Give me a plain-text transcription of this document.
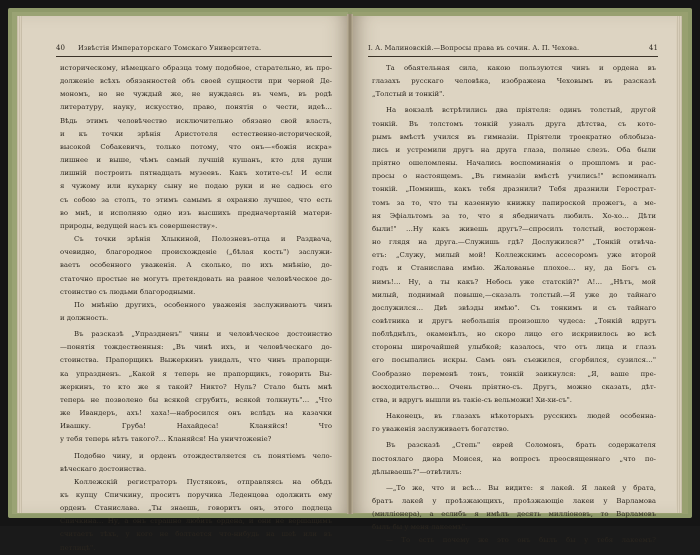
40 Извѣстія Императорскаго Томскаго Университета.	I. А. Малиновскій.—Вопросы права въ сочин. А. П. Чехова.	41
историческому, нѣмецкаго образца тому подобное, старательно, въ про-
долженіе всѣхъ обязанностей объ своей сущности при черной Де-
мономъ, но не чуждый же, не нуждаясь въ чемъ, въ родѣ
литературу, науку, искусство, право, понятія о чести, идеѣ…
Вѣдь этимъ человѣчество исключительно обязано свой власть,
и къ точки зрѣнія Аристотеля естественно-исторической,
высокой Собакевичъ, только потому, что онъ—«божія искра»
лишнее и выше, чѣмъ самый лучшій кушанъ, кто для души
лишній построить пятнадцать музеевъ. Какъ хотите-съ! И если
я чужому или кухарку сыну не подаю руки и не садюсь его
съ собою за столъ, то этимъ самымъ я охраняю лучшее, что есть
во мнѣ, и исполняю одно изъ высшихъ предначертаній матери-
природы, ведущей насъ къ совершенству».
Съ точки зрѣнія Хлыкиной, Полозневъ-отца и Раздвача,
очевидно, благородное происхожденіе („бѣлая кость") заслужи-
ваетъ особенного уваженія. А сколько, по ихъ мнѣнію, до-
статочно простые не могутъ претендовать на равное человѣческое до-
стоинство съ людьми благородными.
По мнѣнію другихъ, особенного уваженія заслуживаютъ чинъ
и должность.
Въ разсказѣ „Упраздненъ" чины и человѣческое достоинство
—понятія тождественныя: „Въ чинѣ ихъ, и человѣческаго до-
стоинства. Прапорщикъ Выжеркинъ увидалъ, что чинъ прапорщи-
ка упраздненъ. „Какой я теперь не прапорщикъ, говорить Вы-
жеркинъ, то кто же я такой? Никто? Нуль? Стало быть мнѣ
теперь не позволено бы всякой сгрубить, всякой толкнуть"… „Что
же Ивандеръ, ахъ! хаха!—набросился онъ вслѣдъ на казачки
Ивашку. Груба! Нахайдеса! Кланяйся! Что
у тебя теперь нѣтъ такого?… Кланяйся! На уничтоженіе?
Подобно чину, и орденъ отождествляется съ понятіемъ чело-
вѣческаго достоинства.
Коллежскій регистраторъ Пустяковъ, отправляясь на обѣдъ
къ купцу Спичкину, проситъ поручика Леденцова одолжить ему
орденъ Станислава. „Ты знаешь, говоритъ онъ, этого подлеца
Спичкина… Ну, а онъ страшно любить ордена, и они не вершащимъ
считаетъ тѣхъ, у кого не болтается что-нибудь на шеѣ или въ
петлицѣ".
Та обаятельная сила, какою пользуются чинъ и ордена въ
глазахъ русскаго человѣка, изображена Чеховымъ въ разсказѣ
„Толстый и тонкій".
На вокзалѣ встрѣтились два пріятеля: одинъ толстый, другой
тонкій. Въ толстомъ тонкій узналъ друга дѣтства, съ кото-
рымъ вмѣстѣ учился въ гимназіи. Пріятели троекратно облобыза-
лись и устремили другъ на друга глаза, полные слезъ. Оба были
пріятно ошеломлены. Начались воспоминанія о прошломъ и рас-
просы о настоящемъ. „Въ гимназіи вмѣстѣ учились!" вспоминалъ
тонкій. „Помнишь, какъ тебя дразнили? Тебя дразнили Герострат-
томъ за то, что ты казенную книжку папироской прожегъ, а ме-
ня Эфіальтомъ за то, что я ябедничать любилъ. Хо-хо… Дѣти
были!" …Ну какъ живешь другъ?—спросилъ толстый, восторжен-
но глядя на друга.—Служишь гдѣ? Дослужился?" „Тонкій отвѣча-
етъ: „Служу, милый мой! Коллежскимъ ассесоромъ уже второй
годъ и Станислава имѣю. Жалованье плохое… ну, да Богъ съ
нимъ!… Ну, а ты какъ? Небось уже статскій?" А!… „Нѣтъ, мой
милый, поднимай повыше,—сказалъ толстый.—Я уже до тайнаго
дослужился… Двѣ звѣзды имѣю". Съ тонкимъ и съ тайнаго
совѣтника и другъ небольшія произошло чудеса: „Тонкій вдругъ
поблѣднѣлъ, окаменѣлъ, но скоро лицо его искривилось во всѣ
стороны широчайшей улыбкой; казалось, что отъ лица и глазъ
его посыпались искры. Самъ онъ съежился, сгорбился, сузился…"
Сообразно переменѣ тонъ, тонкій заикнулся: „Я, ваше пре-
восходительство… Очень пріятно-съ. Другъ, можно сказать, дѣт-
ства, и вдругъ вышли въ такіе-съ вельможи! Хи-хи-съ".
Наконецъ, въ глазахъ нѣкоторыхъ русскихъ людей особенна-
го уваженія заслуживаетъ богатство.
Въ разсказѣ „Степь" еврей Соломонъ, брать содержателя
постоялаго двора Моисея, на вопросъ преосвященнаго „что по-
дѣлываешь?"—отвѣтилъ:
—„То же, что и всѣ… Вы видите: я лакей. Я лакей у брата,
братъ лакей у проѣзжающихъ, проѣзжающіе лакеи у Варламова
(милліонера), а еслибъ я имѣлъ десять милліоновъ, то Варламовъ
былъ бы у меня лакеемъ".
— То есть почему же это онъ былъ бы у тебя лакеемъ?
